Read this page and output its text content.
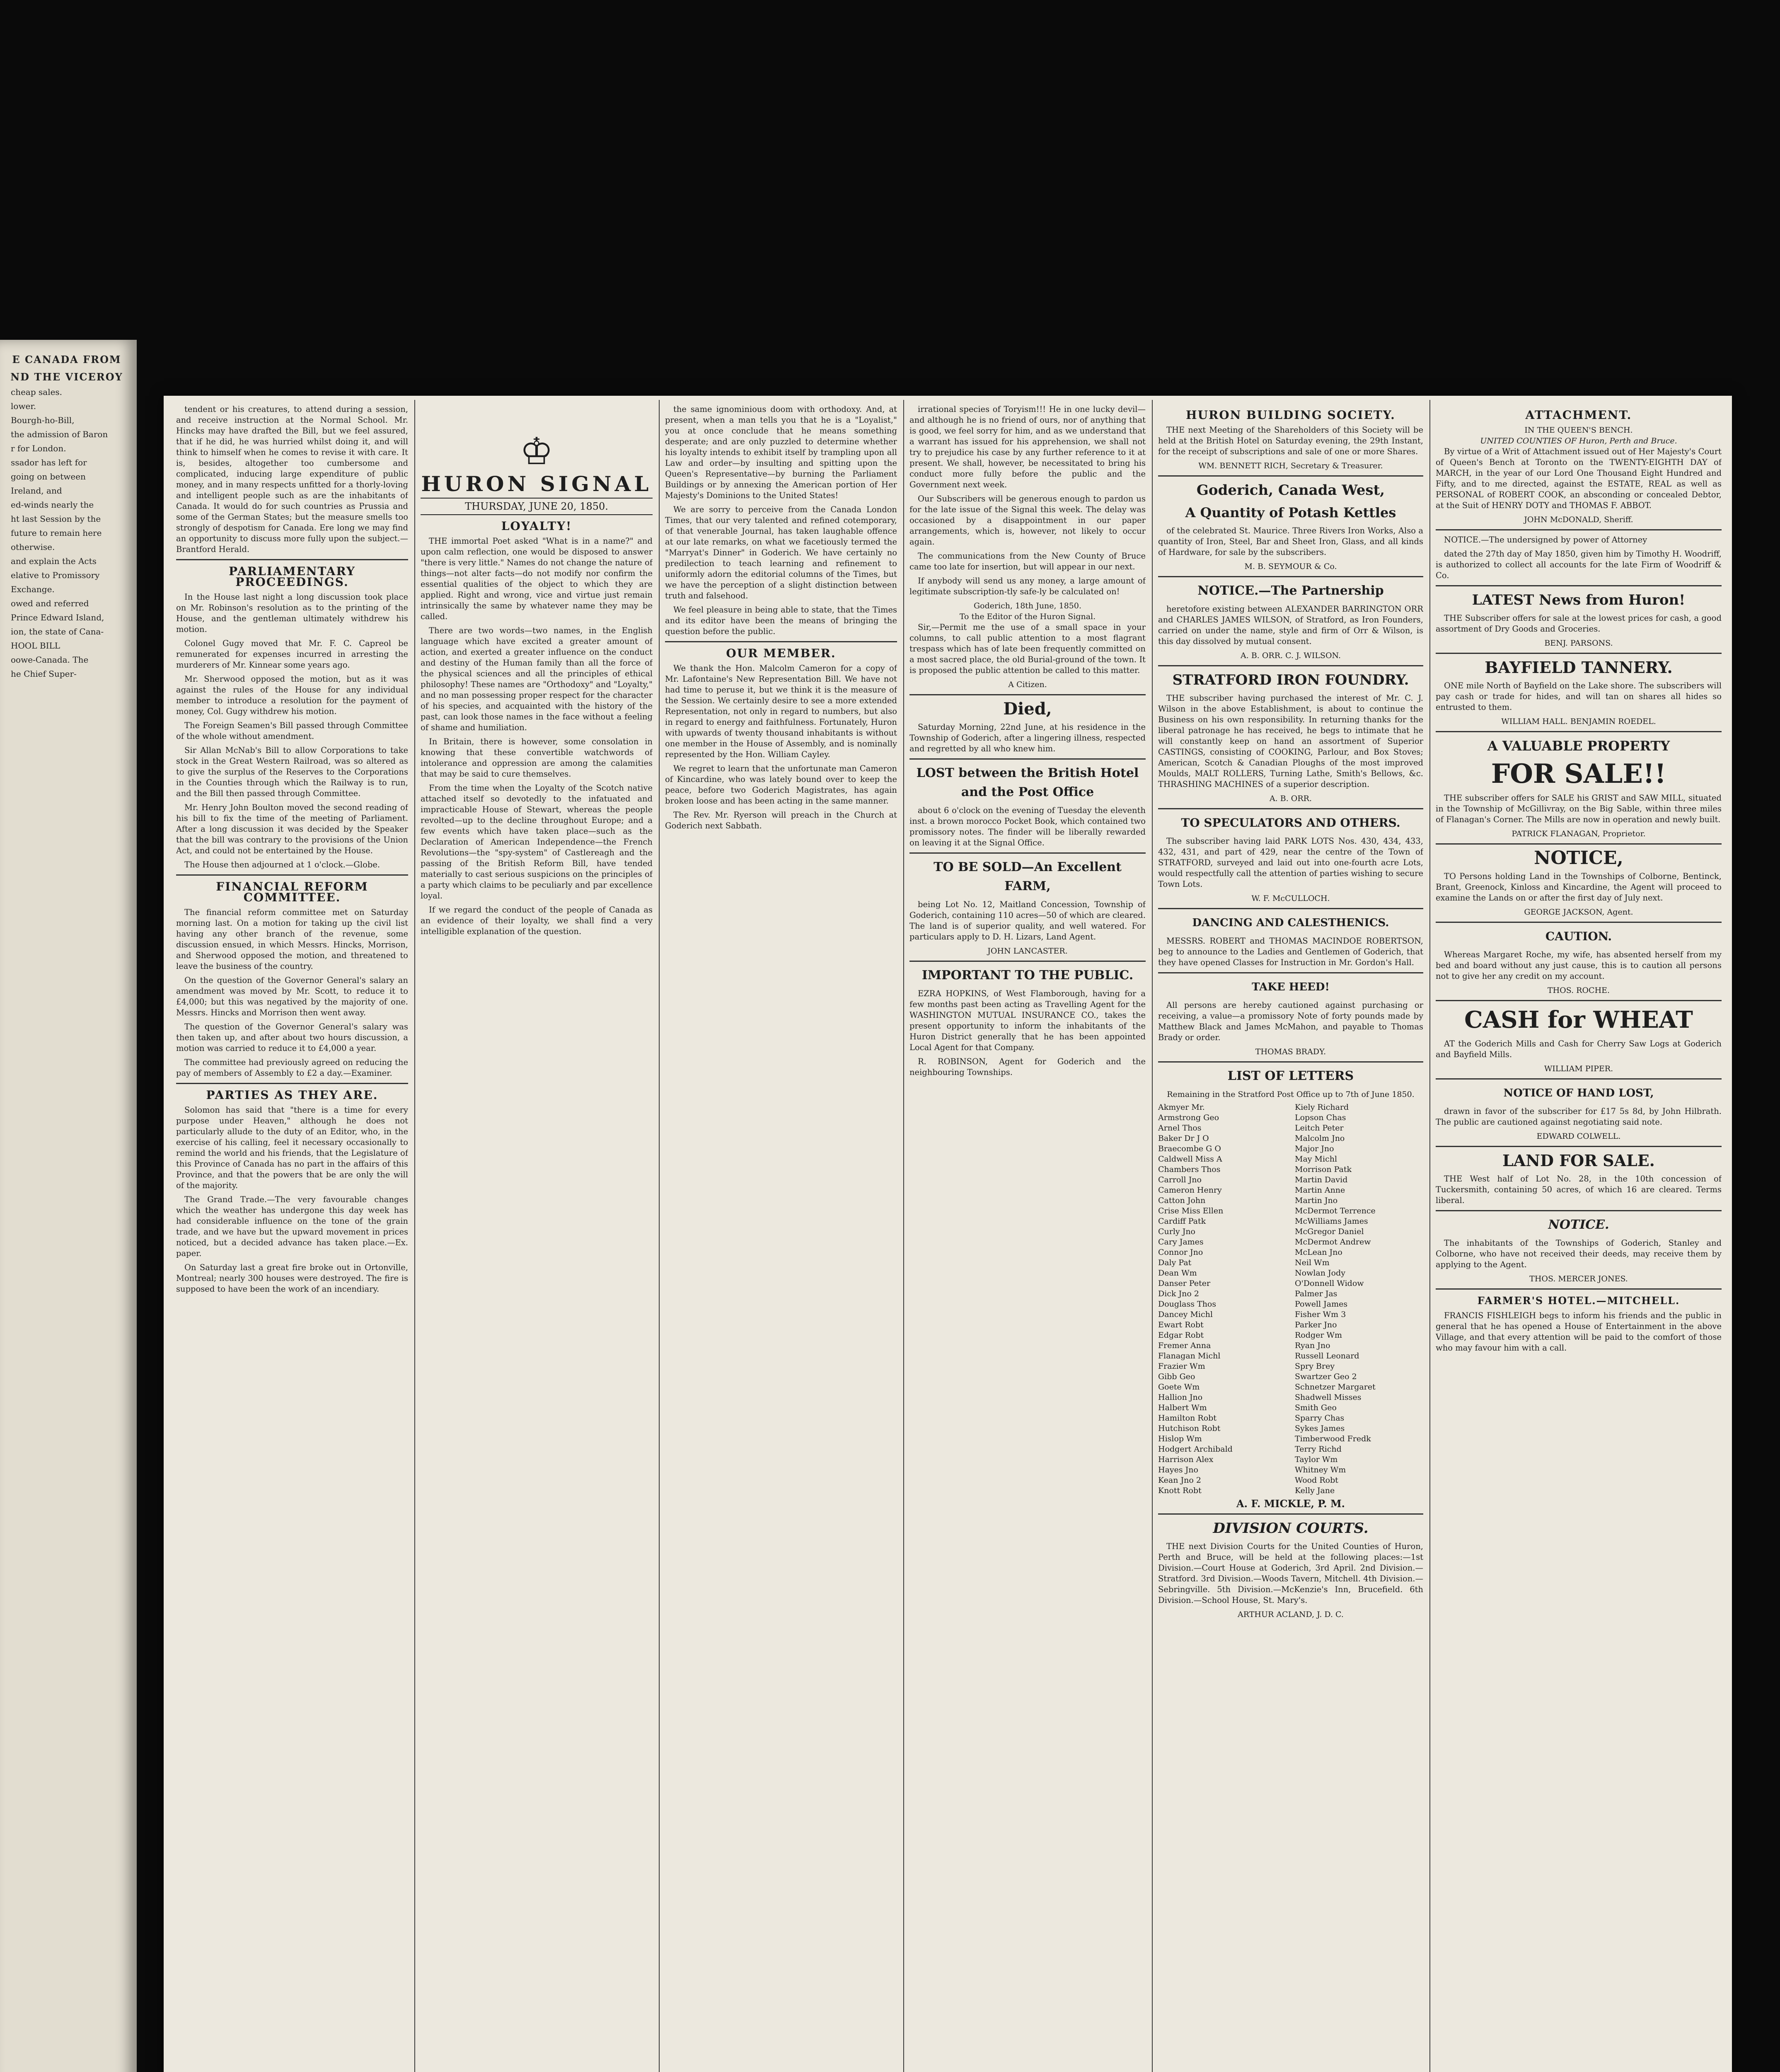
E CANADA FROM
ND THE VICEROY

cheap sales.

lower.

Bourgh-ho-Bill,

the admission of Baron

r for London.

ssador has left for

going on between

Ireland, and

ed-winds nearly the

ht last Session by the

future to remain here

otherwise.

and explain the Acts

elative to Promissory

Exchange.

owed and referred

Prince Edward Island,

ion, the state of Cana-

HOOL BILL

oowe-Canada. The

he Chief Super-

tendent or his creatures, to attend during a session, and receive instruction at the Normal School. Mr. Hincks may have drafted the Bill, but we feel assured, that if he did, he was hurried whilst doing it, and will think to himself when he comes to revise it with care. It is, besides, altogether too cumbersome and complicated, inducing large expenditure of public money, and in many respects unfitted for a thorly-loving and intelligent people such as are the inhabitants of Canada. It would do for such countries as Prussia and some of the German States; but the measure smells too strongly of despotism for Canada. Ere long we may find an opportunity to discuss more fully upon the subject.—Brantford Herald.

PARLIAMENTARY PROCEEDINGS.

In the House last night a long discussion took place on Mr. Robinson's resolution as to the printing of the House, and the gentleman ultimately withdrew his motion.

Colonel Gugy moved that Mr. F. C. Capreol be remunerated for expenses incurred in arresting the murderers of Mr. Kinnear some years ago.

Mr. Sherwood opposed the motion, but as it was against the rules of the House for any individual member to introduce a resolution for the payment of money, Col. Gugy withdrew his motion.

The Foreign Seamen's Bill passed through Committee of the whole without amendment.

Sir Allan McNab's Bill to allow Corporations to take stock in the Great Western Railroad, was so altered as to give the surplus of the Reserves to the Corporations in the Counties through which the Railway is to run, and the Bill then passed through Committee.

Mr. Henry John Boulton moved the second reading of his bill to fix the time of the meeting of Parliament. After a long discussion it was decided by the Speaker that the bill was contrary to the provisions of the Union Act, and could not be entertained by the House.

The House then adjourned at 1 o'clock.—Globe.

FINANCIAL REFORM COMMITTEE.

The financial reform committee met on Saturday morning last. On a motion for taking up the civil list having any other branch of the revenue, some discussion ensued, in which Messrs. Hincks, Morrison, and Sherwood opposed the motion, and threatened to leave the business of the country.

On the question of the Governor General's salary an amendment was moved by Mr. Scott, to reduce it to £4,000; but this was negatived by the majority of one. Messrs. Hincks and Morrison then went away.

The question of the Governor General's salary was then taken up, and after about two hours discussion, a motion was carried to reduce it to £4,000 a year.

The committee had previously agreed on reducing the pay of members of Assembly to £2 a day.—Examiner.

PARTIES AS THEY ARE.

Solomon has said that "there is a time for every purpose under Heaven," although he does not particularly allude to the duty of an Editor, who, in the exercise of his calling, feel it necessary occasionally to remind the world and his friends, that the Legislature of this Province of Canada has no part in the affairs of this Province, and that the powers that be are only the will of the majority.

The Grand Trade.—The very favourable changes which the weather has undergone this day week has had considerable influence on the tone of the grain trade, and we have but the upward movement in prices noticed, but a decided advance has taken place.—Ex. paper.

On Saturday last a great fire broke out in Ortonville, Montreal; nearly 300 houses were destroyed. The fire is supposed to have been the work of an incendiary.

♔
HURON SIGNAL
THURSDAY, JUNE 20, 1850.
LOYALTY!

THE immortal Poet asked "What is in a name?" and upon calm reflection, one would be disposed to answer "there is very little." Names do not change the nature of things—not alter facts—do not modify nor confirm the essential qualities of the object to which they are applied. Right and wrong, vice and virtue just remain intrinsically the same by whatever name they may be called.

There are two words—two names, in the English language which have excited a greater amount of action, and exerted a greater influence on the conduct and destiny of the Human family than all the force of the physical sciences and all the principles of ethical philosophy! These names are "Orthodoxy" and "Loyalty," and no man possessing proper respect for the character of his species, and acquainted with the history of the past, can look those names in the face without a feeling of shame and humiliation.

In Britain, there is however, some consolation in knowing that these convertible watchwords of intolerance and oppression are among the calamities that may be said to cure themselves.

From the time when the Loyalty of the Scotch native attached itself so devotedly to the infatuated and impracticable House of Stewart, whereas the people revolted—up to the decline throughout Europe; and a few events which have taken place—such as the Declaration of American Independence—the French Revolutions—the "spy-system" of Castlereagh and the passing of the British Reform Bill, have tended materially to cast serious suspicions on the principles of a party which claims to be peculiarly and par excellence loyal.

If we regard the conduct of the people of Canada as an evidence of their loyalty, we shall find a very intelligible explanation of the question.

the same ignominious doom with orthodoxy. And, at present, when a man tells you that he is a "Loyalist," you at once conclude that he means something desperate; and are only puzzled to determine whether his loyalty intends to exhibit itself by trampling upon all Law and order—by insulting and spitting upon the Queen's Representative—by burning the Parliament Buildings or by annexing the American portion of Her Majesty's Dominions to the United States!

We are sorry to perceive from the Canada London Times, that our very talented and refined cotemporary, of that venerable Journal, has taken laughable offence at our late remarks, on what we facetiously termed the "Marryat's Dinner" in Goderich. We have certainly no predilection to teach learning and refinement to uniformly adorn the editorial columns of the Times, but we have the perception of a slight distinction between truth and falsehood.

We feel pleasure in being able to state, that the Times and its editor have been the means of bringing the question before the public.

OUR MEMBER.

We thank the Hon. Malcolm Cameron for a copy of Mr. Lafontaine's New Representation Bill. We have not had time to peruse it, but we think it is the measure of the Session. We certainly desire to see a more extended Representation, not only in regard to numbers, but also in regard to energy and faithfulness. Fortunately, Huron with upwards of twenty thousand inhabitants is without one member in the House of Assembly, and is nominally represented by the Hon. William Cayley.

We regret to learn that the unfortunate man Cameron of Kincardine, who was lately bound over to keep the peace, before two Goderich Magistrates, has again broken loose and has been acting in the same manner.

The Rev. Mr. Ryerson will preach in the Church at Goderich next Sabbath.

irrational species of Toryism!!! He in one lucky devil—and although he is no friend of ours, nor of anything that is good, we feel sorry for him, and as we understand that a warrant has issued for his apprehension, we shall not try to prejudice his case by any further reference to it at present. We shall, however, be necessitated to bring his conduct more fully before the public and the Government next week.

Our Subscribers will be generous enough to pardon us for the late issue of the Signal this week. The delay was occasioned by a disappointment in our paper arrangements, which is, however, not likely to occur again.

The communications from the New County of Bruce came too late for insertion, but will appear in our next.

If anybody will send us any money, a large amount of legitimate subscription-tly safe-ly be calculated on!

Goderich, 18th June, 1850.
To the Editor of the Huron Signal.

Sir,—Permit me the use of a small space in your columns, to call public attention to a most flagrant trespass which has of late been frequently committed on a most sacred place, the old Burial-ground of the town. It is proposed the public attention be called to this matter.

A Citizen.
Died,

Saturday Morning, 22nd June, at his residence in the Township of Goderich, after a lingering illness, respected and regretted by all who knew him.

LOST between the British Hotel and the Post Office

about 6 o'clock on the evening of Tuesday the eleventh inst. a brown morocco Pocket Book, which contained two promissory notes. The finder will be liberally rewarded on leaving it at the Signal Office.

TO BE SOLD—An Excellent FARM,

being Lot No. 12, Maitland Concession, Township of Goderich, containing 110 acres—50 of which are cleared. The land is of superior quality, and well watered. For particulars apply to D. H. Lizars, Land Agent.

JOHN LANCASTER.
IMPORTANT TO THE PUBLIC.

EZRA HOPKINS, of West Flamborough, having for a few months past been acting as Travelling Agent for the WASHINGTON MUTUAL INSURANCE CO., takes the present opportunity to inform the inhabitants of the Huron District generally that he has been appointed Local Agent for that Company.

R. ROBINSON, Agent for Goderich and the neighbouring Townships.

HURON BUILDING SOCIETY.

THE next Meeting of the Shareholders of this Society will be held at the British Hotel on Saturday evening, the 29th Instant, for the receipt of subscriptions and sale of one or more Shares.

WM. BENNETT RICH, Secretary & Treasurer.
Goderich, Canada West,
A Quantity of Potash Kettles

of the celebrated St. Maurice. Three Rivers Iron Works, Also a quantity of Iron, Steel, Bar and Sheet Iron, Glass, and all kinds of Hardware, for sale by the subscribers.

M. B. SEYMOUR & Co.
NOTICE.—The Partnership

heretofore existing between ALEXANDER BARRINGTON ORR and CHARLES JAMES WILSON, of Stratford, as Iron Founders, carried on under the name, style and firm of Orr & Wilson, is this day dissolved by mutual consent.

A. B. ORR. C. J. WILSON.
STRATFORD IRON FOUNDRY.

THE subscriber having purchased the interest of Mr. C. J. Wilson in the above Establishment, is about to continue the Business on his own responsibility. In returning thanks for the liberal patronage he has received, he begs to intimate that he will constantly keep on hand an assortment of Superior CASTINGS, consisting of COOKING, Parlour, and Box Stoves; American, Scotch & Canadian Ploughs of the most improved Moulds, MALT ROLLERS, Turning Lathe, Smith's Bellows, &c. THRASHING MACHINES of a superior description.

A. B. ORR.
TO SPECULATORS AND OTHERS.

The subscriber having laid PARK LOTS Nos. 430, 434, 433, 432, 431, and part of 429, near the centre of the Town of STRATFORD, surveyed and laid out into one-fourth acre Lots, would respectfully call the attention of parties wishing to secure Town Lots.

W. F. McCULLOCH.
DANCING AND CALESTHENICS.

MESSRS. ROBERT and THOMAS MACINDOE ROBERTSON, beg to announce to the Ladies and Gentlemen of Goderich, that they have opened Classes for Instruction in Mr. Gordon's Hall.

TAKE HEED!

All persons are hereby cautioned against purchasing or receiving, a value—a promissory Note of forty pounds made by Matthew Black and James McMahon, and payable to Thomas Brady or order.

THOMAS BRADY.
LIST OF LETTERS
Remaining in the Stratford Post Office up to 7th of June 1850.
Akmyer Mr.
Armstrong Geo
Arnel Thos
Baker Dr J O
Braecombe G O
Caldwell Miss A
Chambers Thos
Carroll Jno
Cameron Henry
Catton John
Crise Miss Ellen
Cardiff Patk
Curly Jno
Cary James
Connor Jno
Daly Pat
Dean Wm
Danser Peter
Dick Jno 2
Douglass Thos
Dancey Michl
Ewart Robt
Edgar Robt
Fremer Anna
Flanagan Michl
Frazier Wm
Gibb Geo
Goete Wm
Hallion Jno
Halbert Wm
Hamilton Robt
Hutchison Robt
Hislop Wm
Hodgert Archibald
Harrison Alex
Hayes Jno
Kean Jno 2
Knott Robt
Kiely Richard
Lopson Chas
Leitch Peter
Malcolm Jno
Major Jno
May Michl
Morrison Patk
Martin David
Martin Anne
Martin Jno
McDermot Terrence
McWilliams James
McGregor Daniel
McDermot Andrew
McLean Jno
Neil Wm
Nowlan Jody
O'Donnell Widow
Palmer Jas
Powell James
Fisher Wm 3
Parker Jno
Rodger Wm
Ryan Jno
Russell Leonard
Spry Brey
Swartzer Geo 2
Schnetzer Margaret
Shadwell Misses
Smith Geo
Sparry Chas
Sykes James
Timberwood Fredk
Terry Richd
Taylor Wm
Whitney Wm
Wood Robt
Kelly Jane
A. F. MICKLE, P. M.
DIVISION COURTS.

THE next Division Courts for the United Counties of Huron, Perth and Bruce, will be held at the following places:—1st Division.—Court House at Goderich, 3rd April. 2nd Division.—Stratford. 3rd Division.—Woods Tavern, Mitchell. 4th Division.—Sebringville. 5th Division.—McKenzie's Inn, Brucefield. 6th Division.—School House, St. Mary's.

ARTHUR ACLAND, J. D. C.
ATTACHMENT.
IN THE QUEEN'S BENCH.
UNITED COUNTIES OF Huron, Perth and Bruce.

By virtue of a Writ of Attachment issued out of Her Majesty's Court of Queen's Bench at Toronto on the TWENTY-EIGHTH DAY of MARCH, in the year of our Lord One Thousand Eight Hundred and Fifty, and to me directed, against the ESTATE, REAL as well as PERSONAL of ROBERT COOK, an absconding or concealed Debtor, at the Suit of HENRY DOTY and THOMAS F. ABBOT.

JOHN McDONALD, Sheriff.

NOTICE.—The undersigned by power of Attorney

dated the 27th day of May 1850, given him by Timothy H. Woodriff, is authorized to collect all accounts for the late Firm of Woodriff & Co.

LATEST News from Huron!

THE Subscriber offers for sale at the lowest prices for cash, a good assortment of Dry Goods and Groceries.

BENJ. PARSONS.
BAYFIELD TANNERY.

ONE mile North of Bayfield on the Lake shore. The subscribers will pay cash or trade for hides, and will tan on shares all hides so entrusted to them.

WILLIAM HALL. BENJAMIN ROEDEL.
A VALUABLE PROPERTY
FOR SALE!!

THE subscriber offers for SALE his GRIST and SAW MILL, situated in the Township of McGillivray, on the Big Sable, within three miles of Flanagan's Corner. The Mills are now in operation and newly built.

PATRICK FLANAGAN, Proprietor.
NOTICE,

TO Persons holding Land in the Townships of Colborne, Bentinck, Brant, Greenock, Kinloss and Kincardine, the Agent will proceed to examine the Lands on or after the first day of July next.

GEORGE JACKSON, Agent.
CAUTION.

Whereas Margaret Roche, my wife, has absented herself from my bed and board without any just cause, this is to caution all persons not to give her any credit on my account.

THOS. ROCHE.
CASH for WHEAT

AT the Goderich Mills and Cash for Cherry Saw Logs at Goderich and Bayfield Mills.

WILLIAM PIPER.
NOTICE OF HAND LOST,

drawn in favor of the subscriber for £17 5s 8d, by John Hilbrath. The public are cautioned against negotiating said note.

EDWARD COLWELL.
LAND FOR SALE.

THE West half of Lot No. 28, in the 10th concession of Tuckersmith, containing 50 acres, of which 16 are cleared. Terms liberal.

NOTICE.

The inhabitants of the Townships of Goderich, Stanley and Colborne, who have not received their deeds, may receive them by applying to the Agent.

THOS. MERCER JONES.
FARMER'S HOTEL.—MITCHELL.

FRANCIS FISHLEIGH begs to inform his friends and the public in general that he has opened a House of Entertainment in the above Village, and that every attention will be paid to the comfort of those who may favour him with a call.
